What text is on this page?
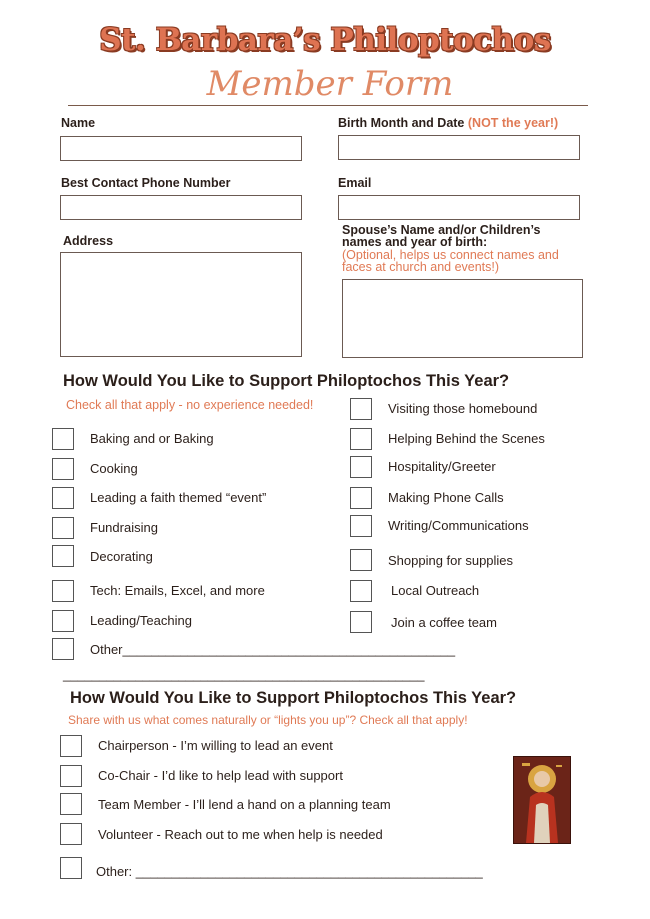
St. Barbara’s Philoptochos
Member Form
Name	Birth Month and Date (NOT the year!)
Best Contact Phone Number	Email
Address
Spouse’s Name and/or Children’s names and year of birth:
(Optional, helps us connect names and faces at church and events!)
How Would You Like to Support Philoptochos This Year?
Check all that apply - no experience needed!
Baking and or Baking
Cooking
Leading a faith themed “event”
Fundraising
Decorating
Tech: Emails, Excel, and more
Leading/Teaching
Other______________________________________________
Visiting those homebound
Helping Behind the Scenes
Hospitality/Greeter
Making Phone Calls
Writing/Communications
Shopping for supplies
Local Outreach
Join a coffee team
__________________________________________________
How Would You Like to Support Philoptochos This Year?
Share with us what comes naturally or “lights you up”? Check all that apply!
Chairperson - I’m willing to lead an event
Co-Chair - I’d like to help lead with support
Team Member - I’ll lend a hand on a planning team
Volunteer - Reach out to me when help is needed
Other: ________________________________________________
